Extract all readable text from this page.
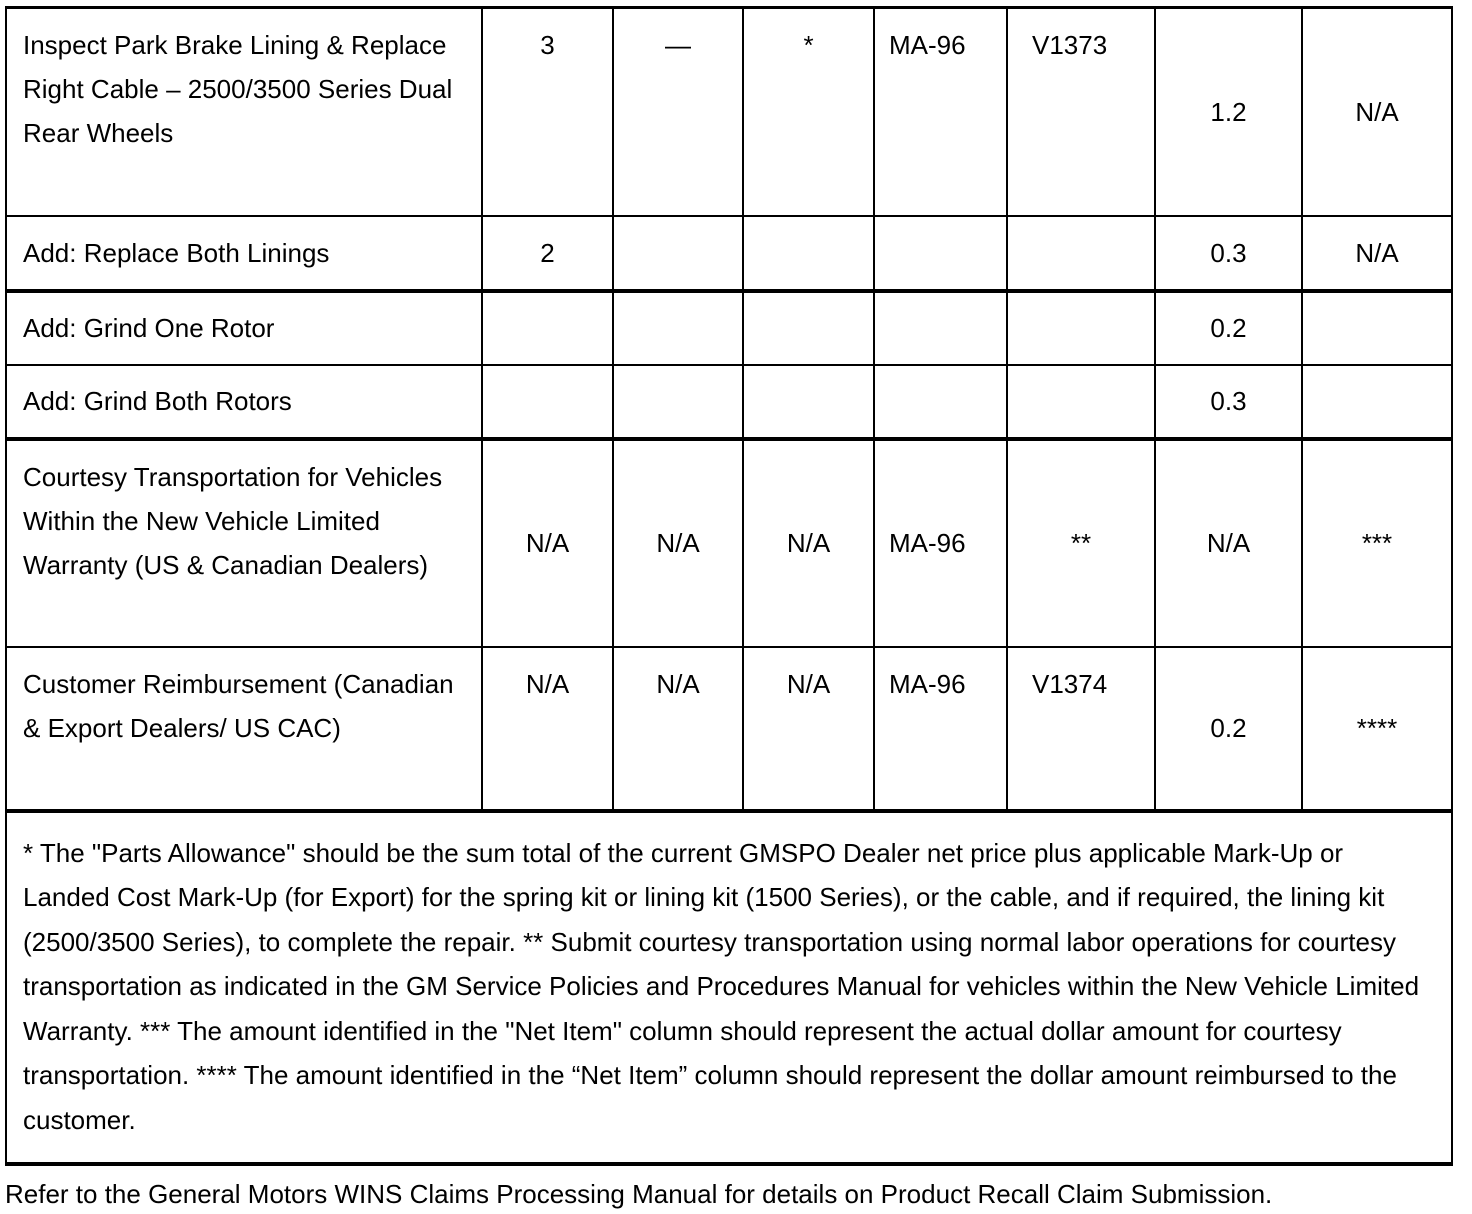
Inspect Park Brake Lining & Replace Right Cable – 2500/3500 Series Dual Rear Wheels	3	—	*	MA-96	V1373	1.2	N/A
Add: Replace Both Linings	2					0.3	N/A
Add: Grind One Rotor						0.2	
Add: Grind Both Rotors						0.3	
Courtesy Transportation for Vehicles Within the New Vehicle Limited Warranty (US & Canadian Dealers)	N/A	N/A	N/A	MA-96	**	N/A	***
Customer Reimbursement (Canadian & Export Dealers/ US CAC)	N/A	N/A	N/A	MA-96	V1374	0.2	****
* The "Parts Allowance" should be the sum total of the current GMSPO Dealer net price plus applicable Mark-Up or Landed Cost Mark-Up (for Export) for the spring kit or lining kit (1500 Series), or the cable, and if required, the lining kit (2500/3500 Series), to complete the repair. ** Submit courtesy transportation using normal labor operations for courtesy transportation as indicated in the GM Service Policies and Procedures Manual for vehicles within the New Vehicle Limited Warranty. *** The amount identified in the "Net Item" column should represent the actual dollar amount for courtesy transportation. **** The amount identified in the “Net Item” column should represent the dollar amount reimbursed to the customer.							
Refer to the General Motors WINS Claims Processing Manual for details on Product Recall Claim Submission.
